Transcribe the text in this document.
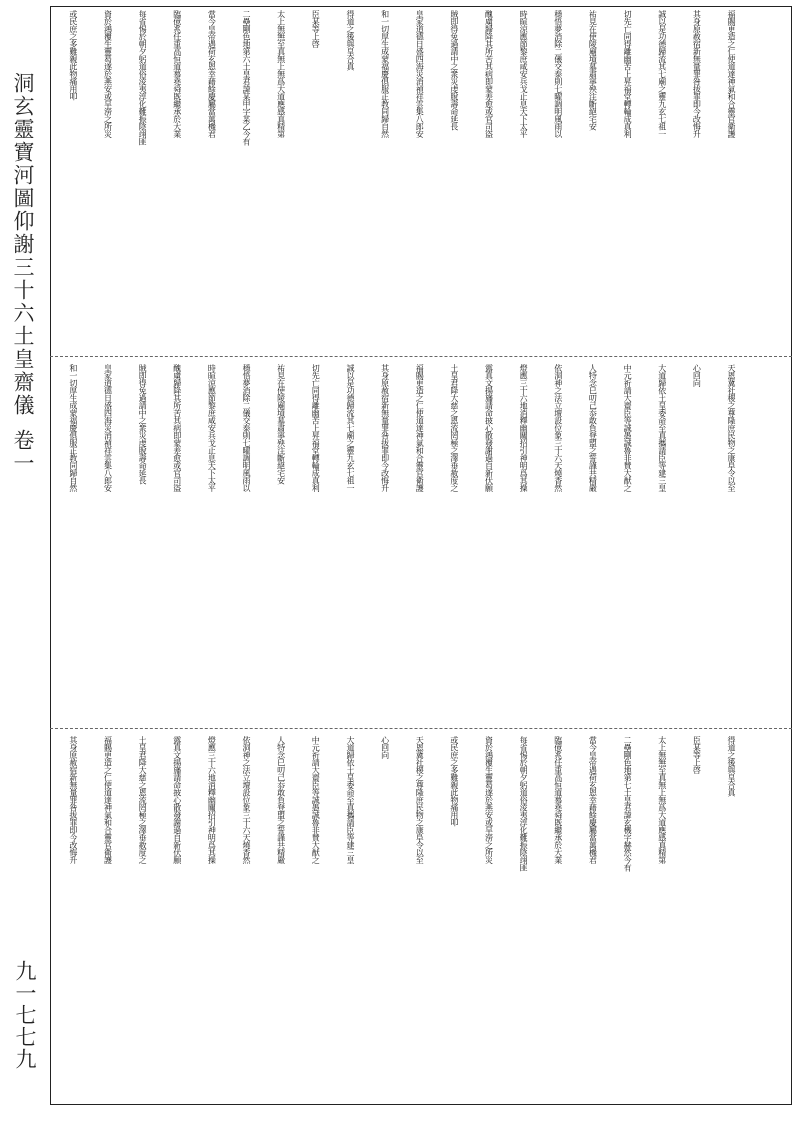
洞玄靈寶河圖仰謝三十六土皇齋儀卷一
九一七七九
福賜更造之仁使道達神氣和合靈官衛護
其身原赦宿新無量罪咎拔罪即今改悔升
誠以是功德歸流其七廟之靈九玄七祖一
切先亡同得離幽苦上昇福堂轉輪成真利
祐見在使陵廟墳墓肅寧殃注斷絕宅安
穩悟夢消除二儀交泰則七曜調明風雨以
時暄涼應節黎庶咸安兵戈止息天下太平
醜虜歸降其所苦其病即蒙差愈或官司盜
賊即得免過請中之衆災虔脫壽命延長
皇家道德日盛四海災消禎祥雲集八郎安
和一切厚生成蒙福慶俱服正教同歸自然
得道之後與皇合真
臣某等上啓
太上無無至真無上無爲大道應感真精第
二壘剛色地第六土皇君諱某甲字某乙今有
當今皇帝遇荷玄恩幸藉餘慶屬當萬機君
臨億兆任重高恒道慕堯舜既繼承於大業
每省惕於朝夕躬道俗淩夷淳化難振陰翊匪
資於鴻覆生靈曷遂於燕安或旱澇之所災
或民庶之多難親此物痛用叩
天恩冀社稷之尊隆庶民物之康阜令以至
心回向
大道歸依土皇委命至真攜請臣等建三皇
中元祈請大齋臣等誠愚誠魯非賛大猷之
人特念巳叨己忝敢負登盟之誓謹共精嚴
依洞神之法立壇設位象三十六天燒香然
燈應三十六地消釋幽關招引神明爲其操
露真文揚旛請命披心散發謝過自新伏願
土皇君降大慈之恩流罔極之澤垂赦度之
福賜更造之仁使道達神氣和合靈官衛護
其身原赦宿新無量罪咎拔罪即今改悔升
誠以是功德歸流其七廟之靈九玄七祖一
切先亡同得離幽苦上昇福堂轉輪成真利
祐見在使陵廟墳墓肅寧殃注斷絕宅安
穩悟夢消除二儀交泰則七曜調明風雨以
時暄涼應節黎庶咸安兵戈止息天下太平
醜虜歸降其所苦其病即蒙差愈或官司盜
賊即得免過請中之衆災虔脫壽命延長
皇家道德日盛四海災消禎祥雲集八郎安
和一切厚生成蒙福慶俱服正教同歸自然
得道之後與皇合真
臣某等上啓
太上無無至真無上無爲大道應感真精第
二壘剛色地第七土皇君諱玄機字赫然今有
當今皇帝遇荷玄恩幸藉餘慶屬當萬機君
臨億兆任重高恒道慕堯舜既繼承於大業
每省惕於朝夕躬道俗淩夷淳化難振陰翊匪
資於鴻覆生靈曷遂於燕安或旱澇之所災
或民庶之多難親此物痛用叩
天恩冀社稷之尊隆庶民物之康阜令以至
心回向
大道歸依土皇委命至真攜請臣等建三皇
中元祈請大齋臣等誠愚誠魯非賛大猷之
人特念巳叨己忝敢負登盟之誓謹共精嚴
依洞神之法立壇設位象三十六天燒香然
燈應三十六地消釋幽關招引神明爲其操
露真文揚旛請命披心散發謝過自新伏願
土皇君降大慈之恩流罔極之澤垂赦度之
福賜更造之仁使道達神氣和合靈官衛護
其身原赦宿新無量罪咎拔罪即今改悔升
